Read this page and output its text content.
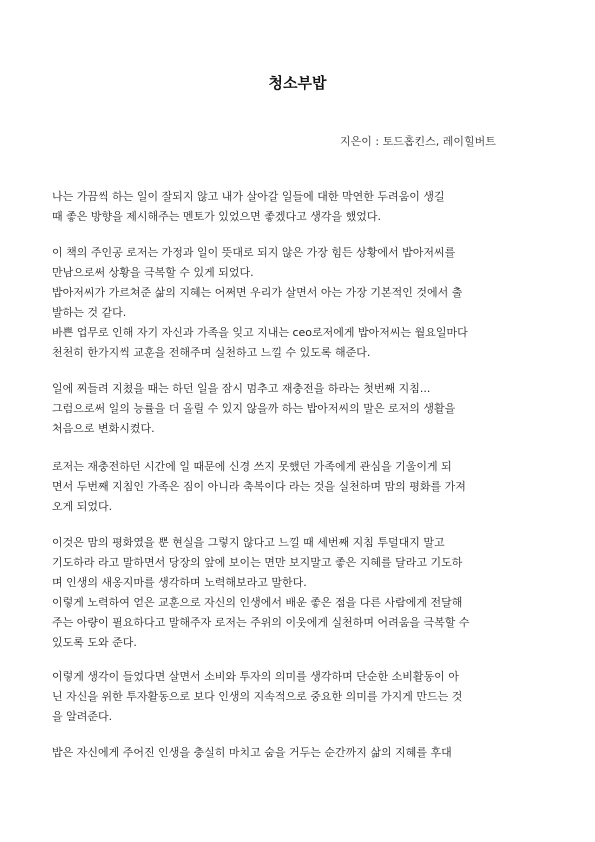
청소부밥
지은이 : 토드홉킨스, 레이힐버트
나는 가끔씩 하는 일이 잘되지 않고 내가 살아갈 일들에 대한 막연한 두려움이 생길
때 좋은 방향을 제시해주는 멘토가 있었으면 좋겠다고 생각을 했었다.
이 책의 주인공 로저는 가정과 일이 뜻대로 되지 않은 가장 힘든 상황에서 밥아저씨를
만남으로써 상황을 극복할 수 있게 되었다.
밥아저씨가 가르쳐준 삶의 지혜는 어쩌면 우리가 살면서 아는 가장 기본적인 것에서 출
발하는 것 같다.
바쁜 업무로 인해 자기 자신과 가족을 잊고 지내는 ceo로저에게 밥아저씨는 월요일마다
천천히 한가지씩 교훈을 전해주며 실천하고 느낄 수 있도록 해준다.
일에 찌들려 지쳤을 때는 하던 일을 잠시 멈추고 재충전을 하라는 첫번째 지침...
그럼으로써 일의 능률을 더 올릴 수 있지 않을까 하는 밥아저씨의 말은 로저의 생활을
처음으로 변화시켰다.
로저는 재충전하던 시간에 일 때문에 신경 쓰지 못했던 가족에게 관심을 기울이게 되
면서 두번째 지침인 가족은 짐이 아니라 축복이다 라는 것을 실천하며 맘의 평화를 가져
오게 되었다.
이것은 맘의 평화였을 뿐 현실을 그렇지 않다고 느낄 때 세번째 지침 투덜대지 말고
기도하라 라고 말하면서 당장의 앞에 보이는 면만 보지말고 좋은 지혜를 달라고 기도하
며 인생의 새옹지마를 생각하며 노력해보라고 말한다.
이렇게 노력하여 얻은 교훈으로 자신의 인생에서 배운 좋은 점을 다른 사람에게 전달해
주는 아량이 필요하다고 말해주자 로저는 주위의 이웃에게 실천하며 어려움을 극복할 수
있도록 도와 준다.
이렇게 생각이 들었다면 살면서 소비와 투자의 의미를 생각하며 단순한 소비활동이 아
닌 자신을 위한 투자활동으로 보다 인생의 지속적으로 중요한 의미를 가지게 만드는 것
을 알려준다.
밥은 자신에게 주어진 인생을 충실히 마치고 숨을 거두는 순간까지 삶의 지혜를 후대
